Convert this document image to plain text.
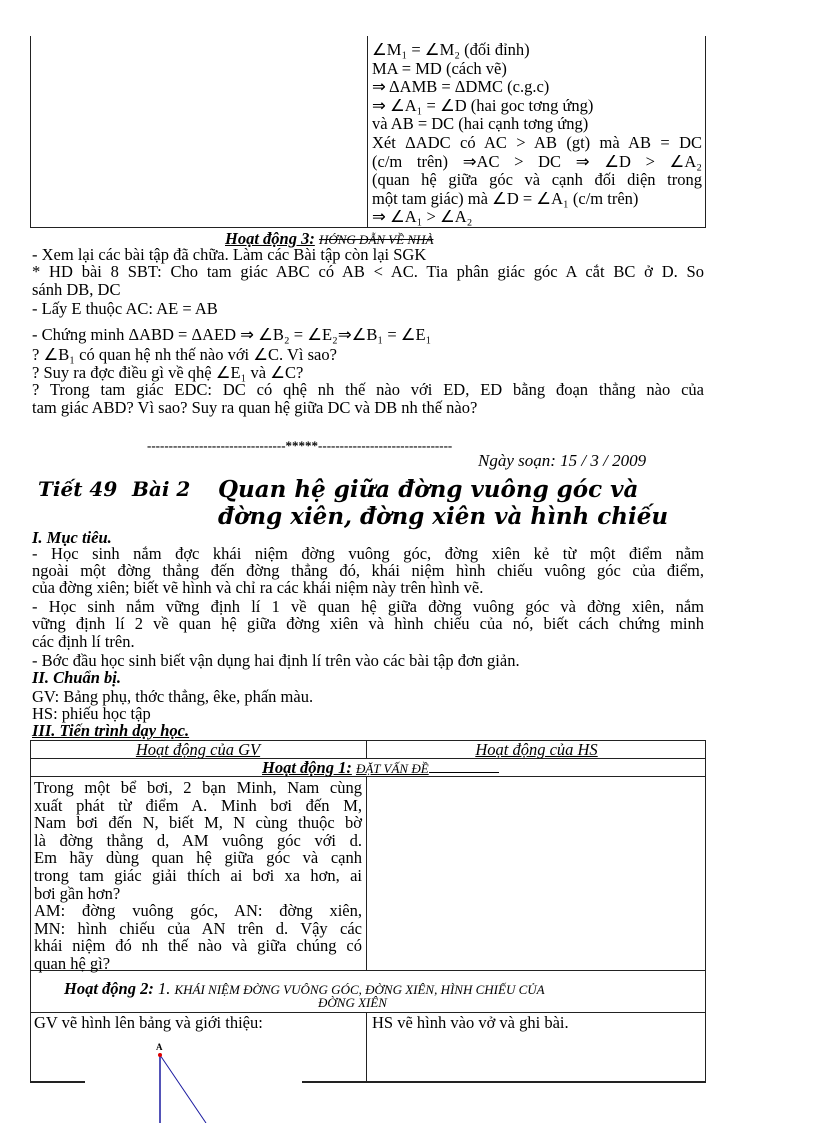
∠M₁ = ∠M₂ (đối đỉnh)
MA = MD (cách vẽ)
⇒ ΔAMB = ΔDMC (c.g.c)
⇒ ∠A₁ = ∠D (hai goc tơng ứng)
và AB = DC (hai cạnh tơng ứng)
Xét ΔADC có AC > AB (gt) mà AB = DC
(c/m trên) ⇒AC > DC ⇒ ∠D > ∠A₂
(quan hệ giữa góc và cạnh đối diện trong
một tam giác) mà ∠D = ∠A₁ (c/m trên)
⇒ ∠A₁ > ∠A₂
Hoạt động 3: HỚNG DẪN VỀ NHÀ
- Xem lại các bài tập đã chữa. Làm các Bài tập còn lại SGK
* HD bài 8 SBT: Cho tam giác ABC có AB < AC. Tia phân giác góc A cắt BC ở D. So
sánh DB, DC
- Lấy E thuộc AC: AE = AB
- Chứng minh ΔABD = ΔAED ⇒ ∠B₂ = ∠E₂⇒∠B₁ = ∠E₁
? ∠B₁ có quan hệ nh thế nào với ∠C. Vì sao?
? Suy ra đợc điều gì về qhệ ∠E₁ và ∠C?
? Trong tam giác EDC: DC có qhệ nh thế nào với ED, ED bằng đoạn thẳng nào của
tam giác ABD? Vì sao? Suy ra quan hệ giữa DC và DB nh thế nào?
--------------------------------*****-------------------------------
Ngày soạn: 15 / 3 / 2009
Tiết 49 Bài 2 Quan hệ giữa đờng vuông góc và
đờng xiên, đờng xiên và hình chiếu
I. Mục tiêu.
- Học sinh nắm đợc khái niệm đờng vuông góc, đờng xiên kẻ từ một điểm nằm
ngoài một đờng thẳng đến đờng thẳng đó, khái niệm hình chiếu vuông góc của điểm,
của đờng xiên; biết vẽ hình và chỉ ra các khái niệm này trên hình vẽ.
- Học sinh nắm vững định lí 1 về quan hệ giữa đờng vuông góc và đờng xiên, nắm
vững định lí 2 về quan hệ giữa đờng xiên và hình chiếu của nó, biết cách chứng minh
các định lí trên.
- Bớc đầu học sinh biết vận dụng hai định lí trên vào các bài tập đơn giản.
II. Chuẩn bị.
GV: Bảng phụ, thớc thẳng, êke, phấn màu.
HS: phiếu học tập
III. Tiến trình dạy học.
Hoạt động của GV	Hoạt động của HS
Hoạt động 1: ĐẶT VẤN ĐỀ
Trong một bể bơi, 2 bạn Minh, Nam cùng
xuất phát từ điểm A. Minh bơi đến M,
Nam bơi đến N, biết M, N cùng thuộc bờ
là đờng thẳng d, AM vuông góc với d.
Em hãy dùng quan hệ giữa góc và cạnh
trong tam giác giải thích ai bơi xa hơn, ai
bơi gần hơn?
AM: đờng vuông góc, AN: đờng xiên,
MN: hình chiếu của AN trên d. Vậy các
khái niệm đó nh thế nào và giữa chúng có
quan hệ gì?
Hoạt động 2: 1. KHÁI NIỆM ĐỜNG VUÔNG GÓC, ĐỜNG XIÊN, HÌNH CHIẾU CỦA
ĐỜNG XIÊN
GV vẽ hình lên bảng và giới thiệu:	HS vẽ hình vào vở và ghi bài.
A
